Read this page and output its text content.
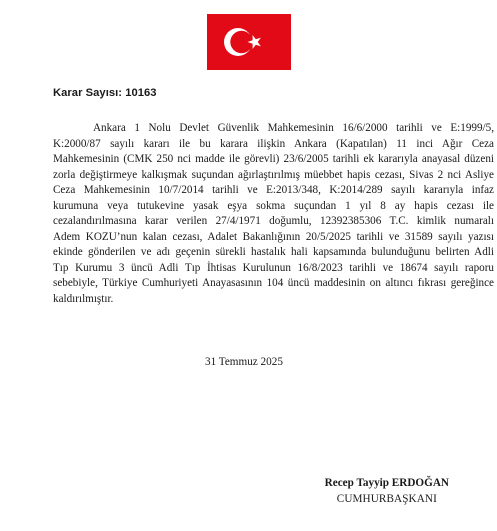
Karar Sayısı: 10163

Ankara 1 Nolu Devlet Güvenlik Mahkemesinin 16/6/2000 tarihli ve E:1999/5,
K:2000/87 sayılı kararı ile bu karara ilişkin Ankara (Kapatılan) 11 inci Ağır Ceza
Mahkemesinin (CMK 250 nci madde ile görevli) 23/6/2005 tarihli ek kararıyla anayasal düzeni
zorla değiştirmeye kalkışmak suçundan ağırlaştırılmış müebbet hapis cezası, Sivas 2 nci Asliye
Ceza Mahkemesinin 10/7/2014 tarihli ve E:2013/348, K:2014/289 sayılı kararıyla infaz
kurumuna veya tutukevine yasak eşya sokma suçundan 1 yıl 8 ay hapis cezası ile
cezalandırılmasına karar verilen 27/4/1971 doğumlu, 12392385306 T.C. kimlik numaralı
Adem KOZU’nun kalan cezası, Adalet Bakanlığının 20/5/2025 tarihli ve 31589 sayılı yazısı
ekinde gönderilen ve adı geçenin sürekli hastalık hali kapsamında bulunduğunu belirten Adli
Tıp Kurumu 3 üncü Adli Tıp İhtisas Kurulunun 16/8/2023 tarihli ve 18674 sayılı raporu
sebebiyle, Türkiye Cumhuriyeti Anayasasının 104 üncü maddesinin on altıncı fıkrası gereğince
kaldırılmıştır.

31 Temmuz 2025

Recep Tayyip ERDOĞAN
CUMHURBAŞKANI
